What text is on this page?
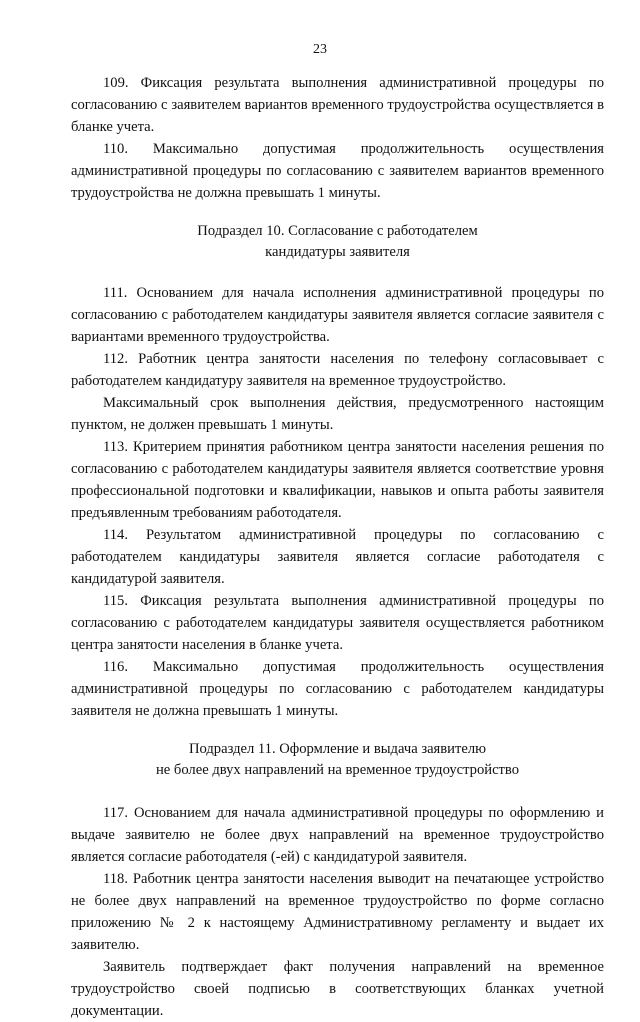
23

109. Фиксация результата выполнения административной процедуры по согласованию с заявителем вариантов временного трудоустройства осуществляется в бланке учета.

110. Максимально допустимая продолжительность осуществления административной процедуры по согласованию с заявителем вариантов временного трудоустройства не должна превышать 1 минуты.

Подраздел 10. Согласование с работодателем
кандидатуры заявителя

111. Основанием для начала исполнения административной процедуры по согласованию с работодателем кандидатуры заявителя является согласие заявителя с вариантами временного трудоустройства.

112. Работник центра занятости населения по телефону согласовывает с работодателем кандидатуру заявителя на временное трудоустройство.

Максимальный срок выполнения действия, предусмотренного настоящим пунктом, не должен превышать 1 минуты.

113. Критерием принятия работником центра занятости населения решения по согласованию с работодателем кандидатуры заявителя является соответствие уровня профессиональной подготовки и квалификации, навыков и опыта работы заявителя предъявленным требованиям работодателя.

114. Результатом административной процедуры по согласованию с работодателем кандидатуры заявителя является согласие работодателя с кандидатурой заявителя.

115. Фиксация результата выполнения административной процедуры по согласованию с работодателем кандидатуры заявителя осуществляется работником центра занятости населения в бланке учета.

116. Максимально допустимая продолжительность осуществления административной процедуры по согласованию с работодателем кандидатуры заявителя не должна превышать 1 минуты.

Подраздел 11. Оформление и выдача заявителю
не более двух направлений на временное трудоустройство

117. Основанием для начала административной процедуры по оформлению и выдаче заявителю не более двух направлений на временное трудоустройство является согласие работодателя (-ей) с кандидатурой заявителя.

118. Работник центра занятости населения выводит на печатающее устройство не более двух направлений на временное трудоустройство по форме согласно приложению № 2 к настоящему Административному регламенту и выдает их заявителю.

Заявитель подтверждает факт получения направлений на временное трудоустройство своей подписью в соответствующих бланках учетной документации.
